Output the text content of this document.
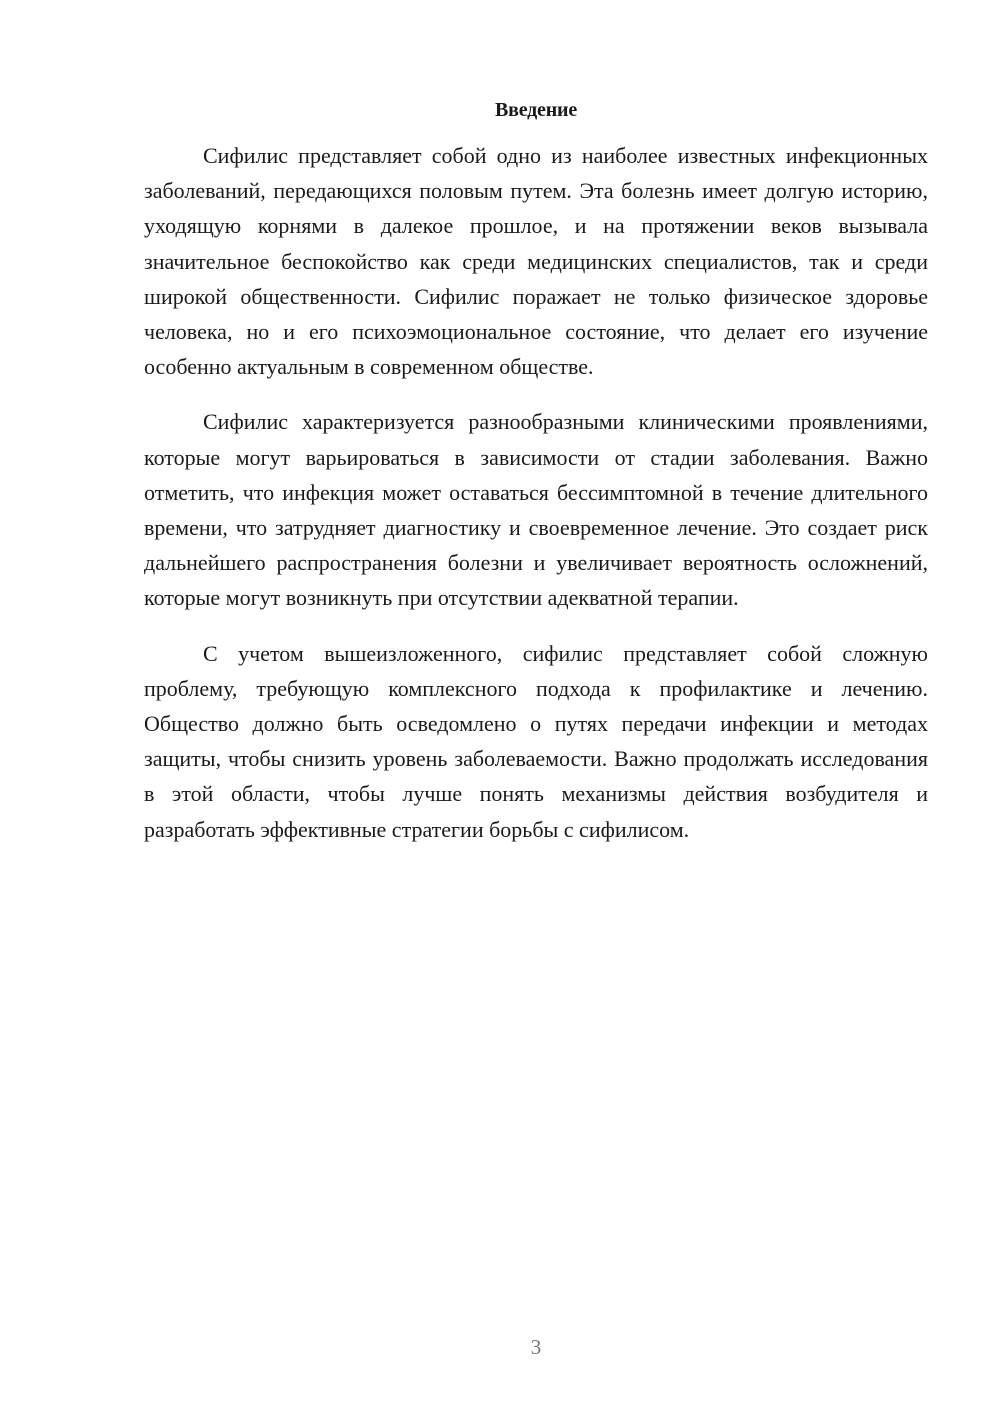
Введение

Сифилис представляет собой одно из наиболее известных инфекционных заболеваний, передающихся половым путем. Эта болезнь имеет долгую историю, уходящую корнями в далекое прошлое, и на протяжении веков вызывала значительное беспокойство как среди медицинских специалистов, так и среди широкой общественности. Сифилис поражает не только физическое здоровье человека, но и его психоэмоциональное состояние, что делает его изучение особенно актуальным в современном обществе.

Сифилис характеризуется разнообразными клиническими проявлениями, которые могут варьироваться в зависимости от стадии заболевания. Важно отметить, что инфекция может оставаться бессимптомной в течение длительного времени, что затрудняет диагностику и своевременное лечение. Это создает риск дальнейшего распространения болезни и увеличивает вероятность осложнений, которые могут возникнуть при отсутствии адекватной терапии.

С учетом вышеизложенного, сифилис представляет собой сложную проблему, требующую комплексного подхода к профилактике и лечению. Общество должно быть осведомлено о путях передачи инфекции и методах защиты, чтобы снизить уровень заболеваемости. Важно продолжать исследования в этой области, чтобы лучше понять механизмы действия возбудителя и разработать эффективные стратегии борьбы с сифилисом.

3
